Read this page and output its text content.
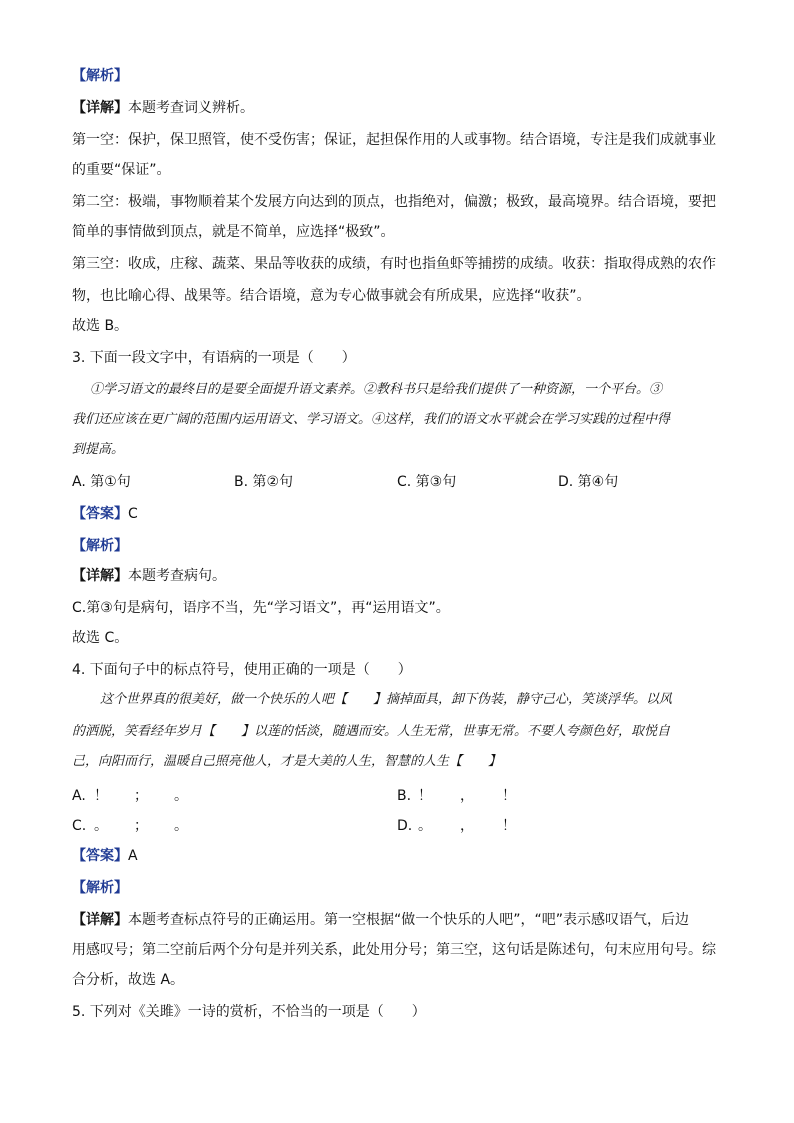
【解析】
【详解】本题考查词义辨析。
第一空：保护，保卫照管，使不受伤害；保证，起担保作用的人或事物。结合语境，专注是我们成就事业
的重要“保证”。
第二空：极端，事物顺着某个发展方向达到的顶点，也指绝对，偏激；极致，最高境界。结合语境，要把
简单的事情做到顶点，就是不简单，应选择“极致”。
第三空：收成，庄稼、蔬菜、果品等收获的成绩，有时也指鱼虾等捕捞的成绩。收获：指取得成熟的农作
物，也比喻心得、战果等。结合语境，意为专心做事就会有所成果，应选择“收获”。
故选 B。
3. 下面一段文字中，有语病的一项是（　　）
①学习语文的最终目的是要全面提升语文素养。②教科书只是给我们提供了一种资源，一个平台。③
我们还应该在更广阔的范围内运用语文、学习语文。④这样，我们的语文水平就会在学习实践的过程中得
到提高。
A. 第①句	B. 第②句	C. 第③句	D. 第④句
【答案】C
【解析】
【详解】本题考查病句。
C.第③句是病句，语序不当，先“学习语文”，再“运用语文”。
故选 C。
4. 下面句子中的标点符号，使用正确的一项是（　　）
这个世界真的很美好，做一个快乐的人吧【　　】摘掉面具，卸下伪装，静守己心，笑谈浮华。以风
的洒脱，笑看经年岁月【　　】以莲的恬淡，随遇而安。人生无常，世事无常。不要人夸颜色好，取悦自
己，向阳而行，温暖自己照亮他人，才是大美的人生，智慧的人生【　　】
A. ！ ； 。	B. ！ ， ！
C. 。 ； 。	D. 。 ， ！
【答案】A
【解析】
【详解】本题考查标点符号的正确运用。第一空根据“做一个快乐的人吧”，“吧”表示感叹语气，后边
用感叹号；第二空前后两个分句是并列关系，此处用分号；第三空，这句话是陈述句，句末应用句号。综
合分析，故选 A。
5. 下列对《关雎》一诗的赏析，不恰当的一项是（　　）
